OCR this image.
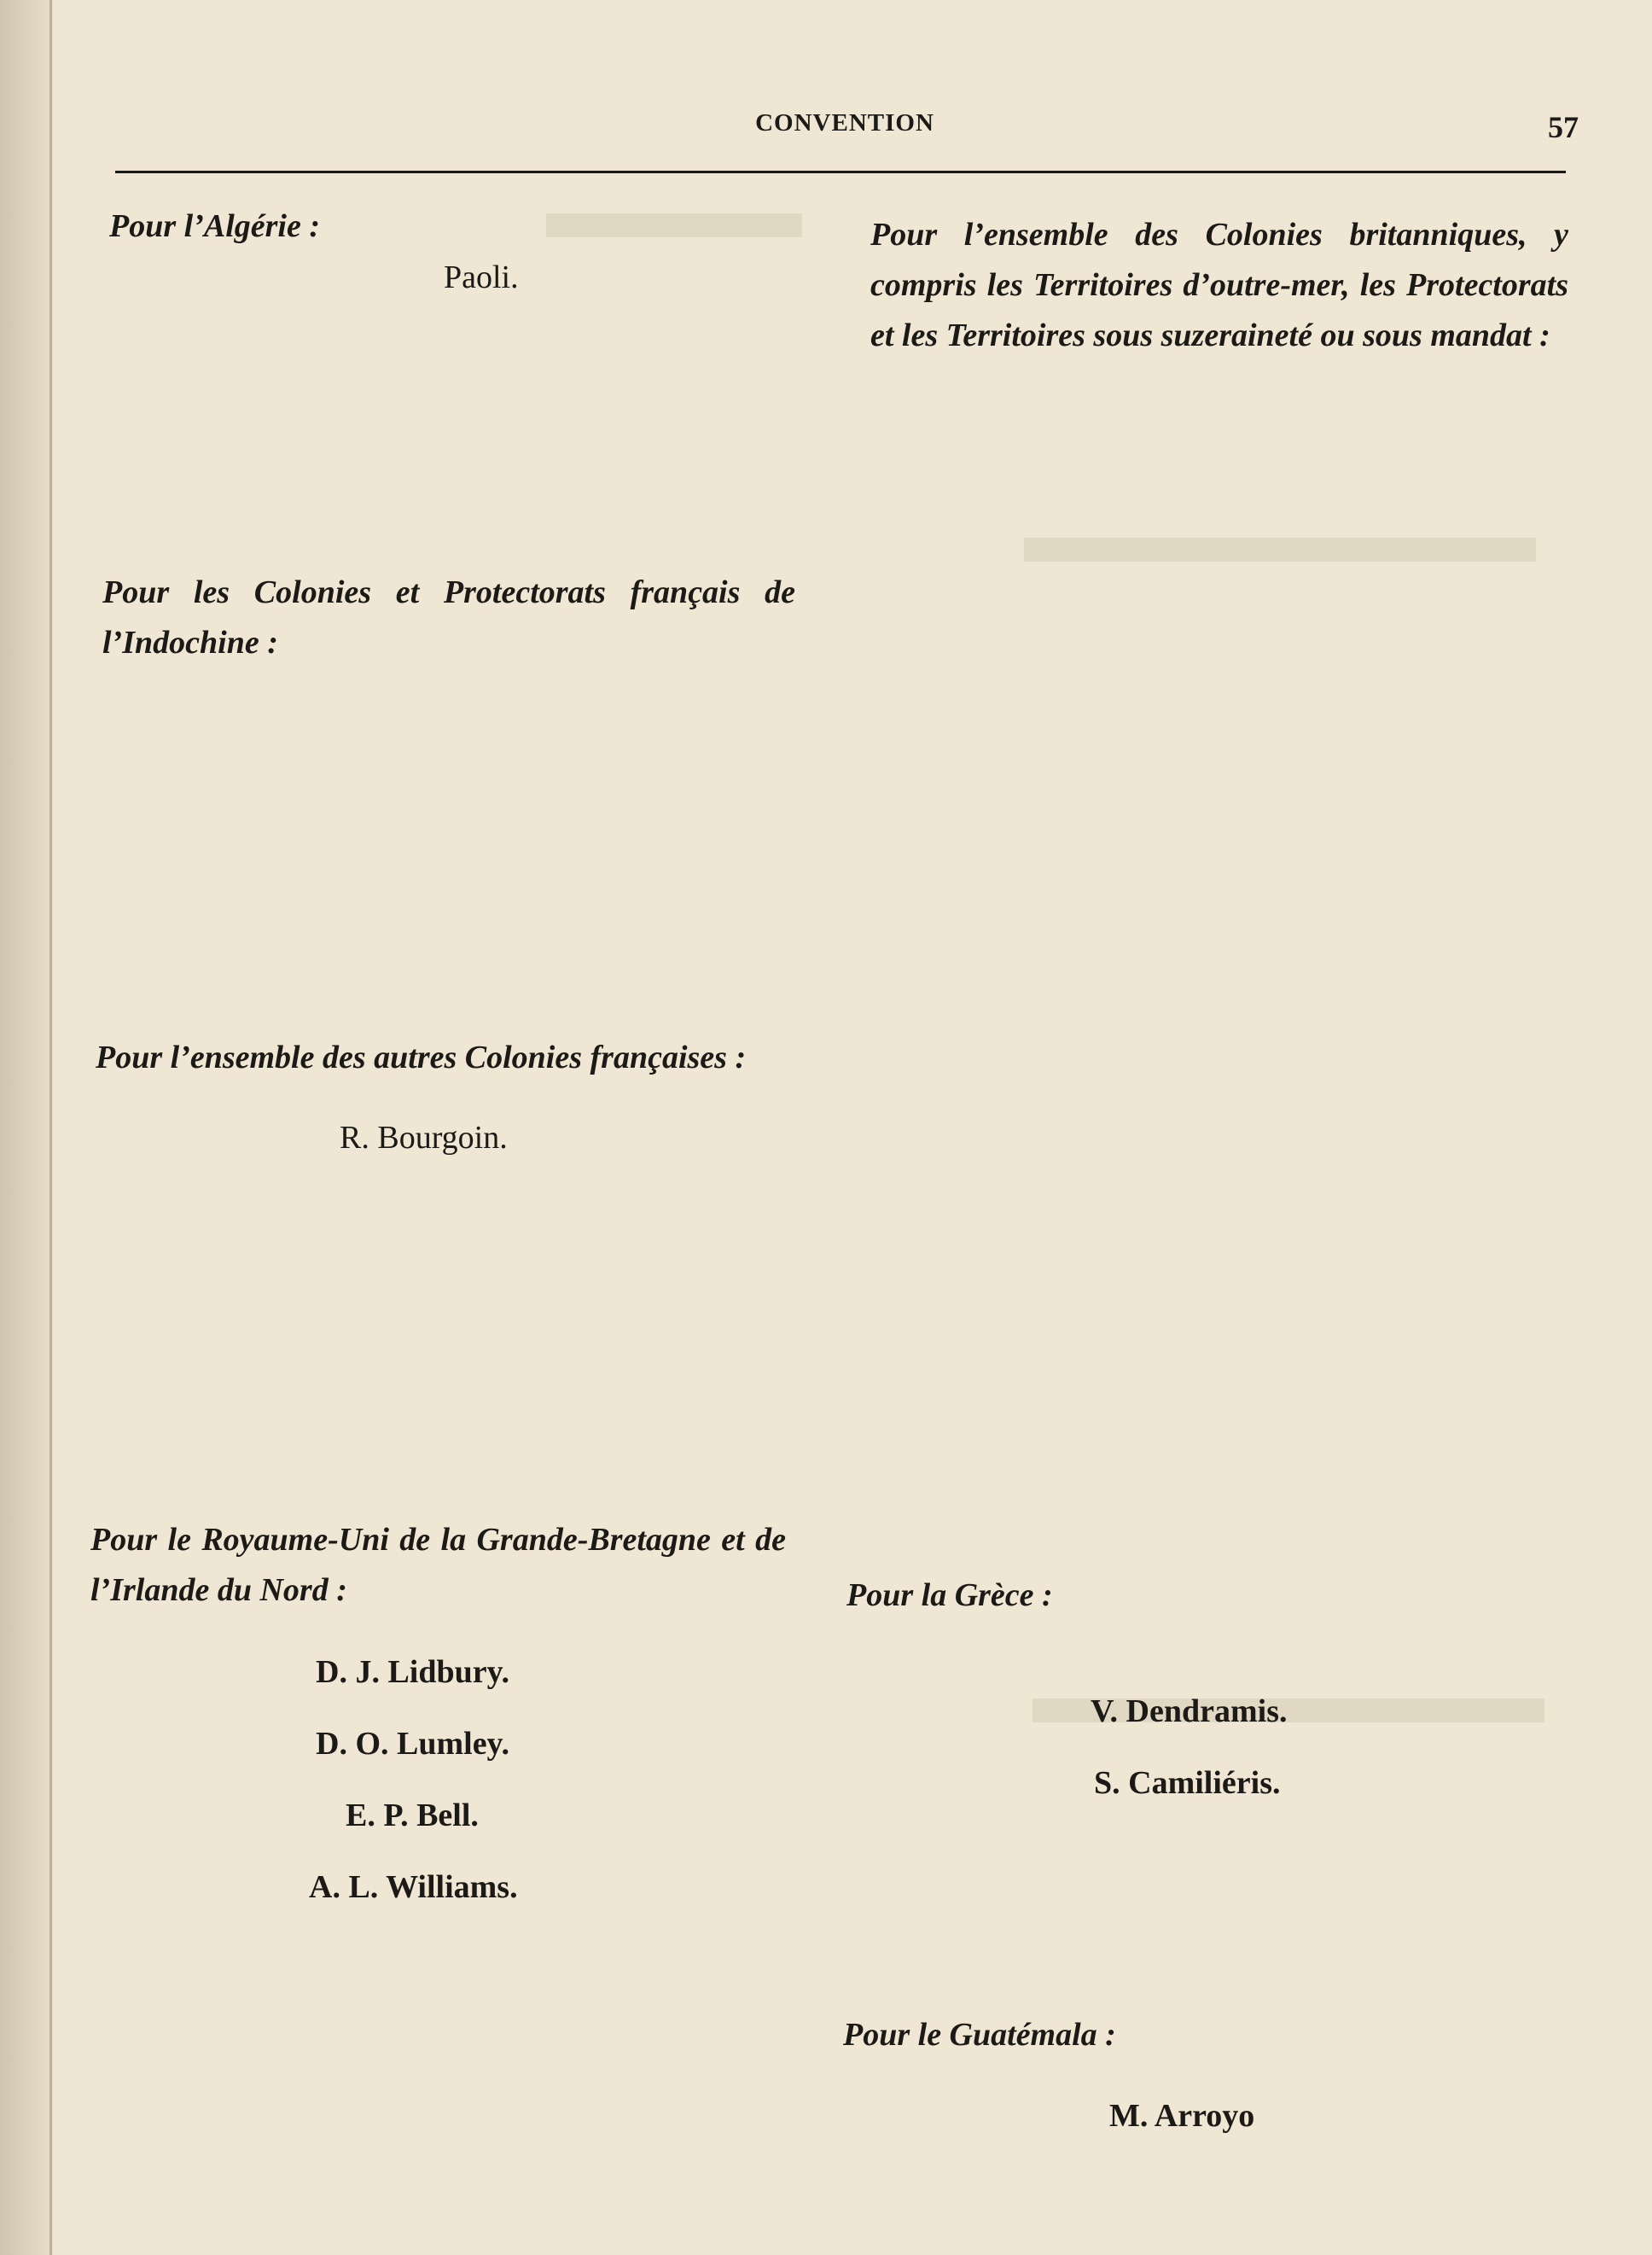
CONVENTION	57
Pour l’Algérie :
Paoli.
Pour les Colonies et Protectorats français de l’Indochine :
Pour l’ensemble des autres Colonies françaises :
R. Bourgoin.
Pour le Royaume-Uni de la Grande-Bretagne et de l’Irlande du Nord :
D. J. Lidbury.
D. O. Lumley.
E. P. Bell.
A. L. Williams.
Pour l’ensemble des Colonies britanniques, y compris les Territoires d’outre-mer, les Protectorats et les Territoires sous suzeraineté ou sous mandat :
Pour la Grèce :
V. Dendramis.
S. Camiliéris.
Pour le Guatémala :
M. Arroyo
